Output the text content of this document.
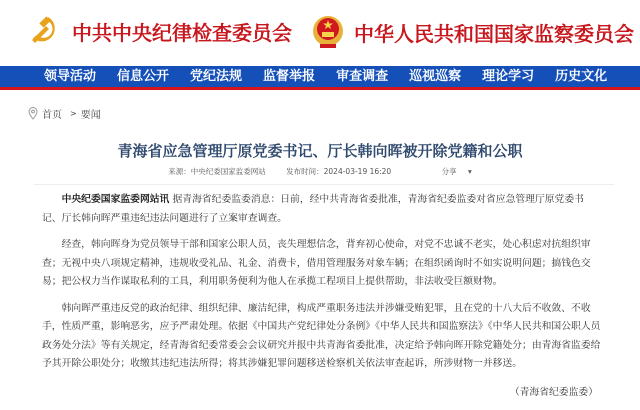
中共中央纪律检查委员会	中华人民共和国国家监察委员会
领导活动 信息公开 党纪法规 监督举报 审查调查 巡视巡察 理论学习 历史文化
首页 > 要闻
青海省应急管理厅原党委书记、厅长韩向晖被开除党籍和公职
来源：中央纪委国家监委网站	发布时间：2024-03-19 16:20	分享 ▾

中央纪委国家监委网站讯 据青海省纪委监委消息：日前，经中共青海省委批准，青海省纪委监委对省应急管理厅原党委书记、厅长韩向晖严重违纪违法问题进行了立案审查调查。

经查，韩向晖身为党员领导干部和国家公职人员，丧失理想信念，背弃初心使命，对党不忠诚不老实，处心积虑对抗组织审查；无视中央八项规定精神，违规收受礼品、礼金、消费卡，借用管理服务对象车辆；在组织函询时不如实说明问题；搞钱色交易；把公权力当作谋取私利的工具，利用职务便利为他人在承揽工程项目上提供帮助，非法收受巨额财物。

韩向晖严重违反党的政治纪律、组织纪律、廉洁纪律，构成严重职务违法并涉嫌受贿犯罪，且在党的十八大后不收敛、不收手，性质严重，影响恶劣，应予严肃处理。依据《中国共产党纪律处分条例》《中华人民共和国监察法》《中华人民共和国公职人员政务处分法》等有关规定，经青海省纪委常委会会议研究并报中共青海省委批准，决定给予韩向晖开除党籍处分；由青海省监委给予其开除公职处分；收缴其违纪违法所得；将其涉嫌犯罪问题移送检察机关依法审查起诉，所涉财物一并移送。

（青海省纪委监委）
